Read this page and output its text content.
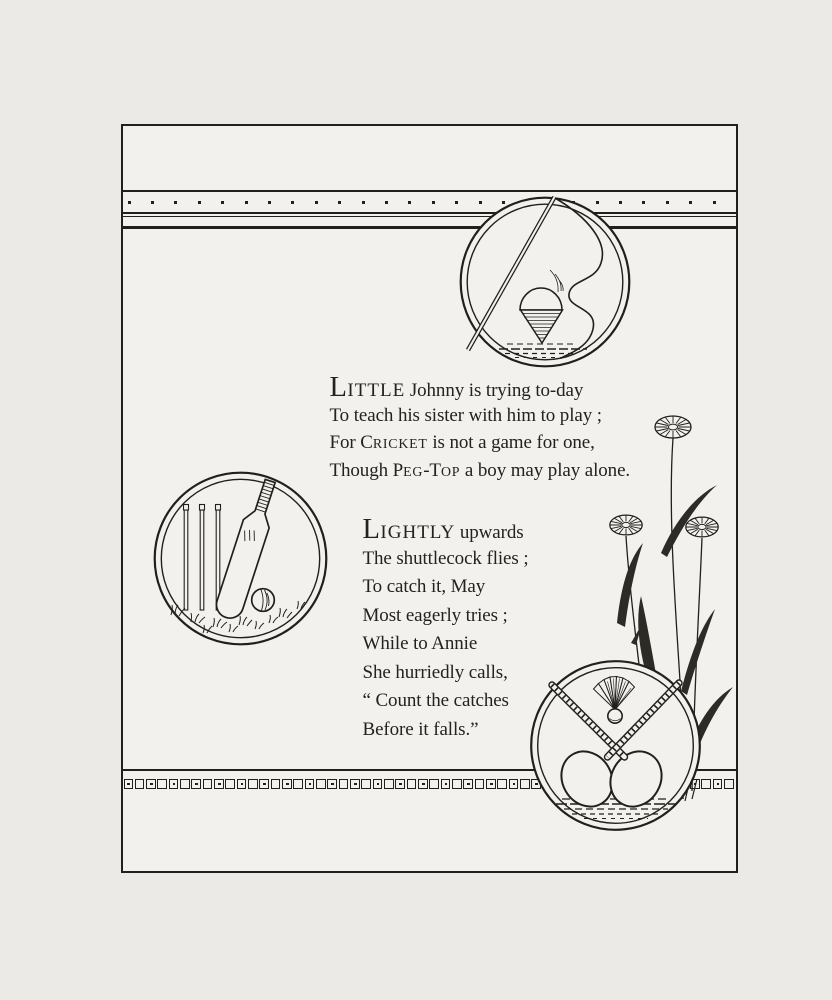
LITTLE Johnny is trying to-day
To teach his sister with him to play ;
For CRICKET is not a game for one,
Though PEG-TOP a boy may play alone.
LIGHTLY upwards
The shuttlecock flies ;
To catch it, May
Most eagerly tries ;
While to Annie
She hurriedly calls,
“ Count the catches
Before it falls.”
